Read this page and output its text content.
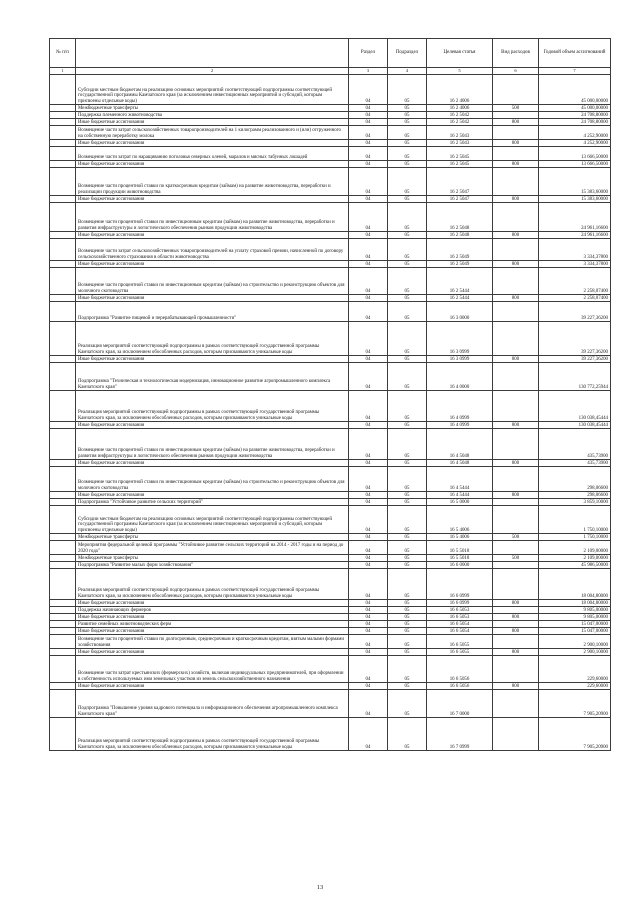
№ п/п		Раздел	Подраздел	Целевая статья	Вид расходов	Годовой объем ассигнований
1	2	3	4	5	6	7
	Субсидии местным бюджетам на реализацию основных мероприятий соответствующей подпрограммы соответствующей государственной программы Камчатского края (за исключением инвестиционных мероприятий и субсидий, которым присвоены отдельные коды)	04	05	16 2 4006		45 000,00000
	Межбюджетные трансферты	04	05	16 2 4006	500	45 000,00000
	Поддержка племенного животноводства	04	05	16 2 5042		24 708,80000
	Иные бюджетные ассигнования	04	05	16 2 5042	800	24 708,80000
	Возмещение части затрат сельскохозяйственных товаропроизводителей на 1 килограмм реализованного и (или) отгруженного на собственную переработку молока	04	05	16 2 5043		4 252,90000
	Иные бюджетные ассигнования	04	05	16 2 5043	800	4 252,90000
	Возмещение части затрат по наращиванию поголовья северных оленей, маралов и мясных табунных лошадей	04	05	16 2 5045		13 666,50000
	Иные бюджетные ассигнования	04	05	16 2 5045	800	13 666,50000
	Возмещение части процентной ставки по краткосрочным кредитам (займам) на развитие животноводства, переработки и реализации продукции животноводства	04	05	16 2 5047		15 383,60000
	Иные бюджетные ассигнования	04	05	16 2 5047	800	15 383,60000
	Возмещение части процентной ставки по инвестиционным кредитам (займам) на развитие животноводства, переработки и развития инфраструктуры и логистического обеспечения рынков продукции животноводства	04	05	16 2 5048		24 961,16600
	Иные бюджетные ассигнования	04	05	16 2 5048	800	24 961,16600
	Возмещение части затрат сельскохозяйственных товаропроизводителей на уплату страховой премии, начисленной по договору сельскохозяйственного страхования в области животноводства	04	05	16 2 5049		3 334,37800
	Иные бюджетные ассигнования	04	05	16 2 5049	800	3 334,37800
	Возмещение части процентной ставки по инвестиционным кредитам (займам) на строительство и реконструкцию объектов для молочного скотоводства	04	05	16 2 5444		2 258,07400
	Иные бюджетные ассигнования	04	05	16 2 5444	800	2 258,07400
	Подпрограмма "Развитие пищевой и перерабатывающей промышленности"	04	05	16 3 0000		39 227,36200
	Реализация мероприятий соответствующей подпрограммы в рамках соответствующей государственной программы Камчатского края, за исключением обособленных расходов, которым присваиваются уникальные коды	04	05	16 3 0999		39 227,36200
	Иные бюджетные ассигнования	04	05	16 3 0999	800	39 227,36200
	Подпрограмма "Техническая и технологическая модернизация, инновационное развитие агропромышленного комплекса Камчатского края"	04	05	16 4 0000		130 772,25944
	Реализация мероприятий соответствующей подпрограммы в рамках соответствующей государственной программы Камчатского края, за исключением обособленных расходов, которым присваиваются уникальные коды	04	05	16 4 0999		130 038,45444
	Иные бюджетные ассигнования	04	05	16 4 0999	800	130 038,45444
	Возмещение части процентной ставки по инвестиционным кредитам (займам) на развитие животноводства, переработки и развития инфраструктуры и логистического обеспечения рынков продукции животноводства	04	05	16 4 5048		435,73900
	Иные бюджетные ассигнования	04	05	16 4 5048	800	435,73900
	Возмещение части процентной ставки по инвестиционным кредитам (займам) на строительство и реконструкцию объектов для молочного скотоводства	04	05	16 4 5444		298,06600
	Иные бюджетные ассигнования	04	05	16 4 5444	800	298,06600
	Подпрограмма "Устойчивое развитие сельских территорий"	04	05	16 5 0000		3 859,10000
	Субсидии местным бюджетам на реализацию основных мероприятий соответствующей подпрограммы соответствующей государственной программы Камчатского края (за исключением инвестиционных мероприятий и субсидий, которым присвоены отдельные коды)	04	05	16 5 4006		1 750,10000
	Межбюджетные трансферты	04	05	16 5 4006	500	1 750,10000
	Мероприятия федеральной целевой программы "Устойчивое развитие сельских территорий на 2014 - 2017 годы и на период до 2020 года"	04	05	16 5 5018		2 109,00000
	Межбюджетные трансферты	04	05	16 5 5018	500	2 109,00000
	Подпрограмма "Развитие малых форм хозяйствования"	04	05	16 6 0000		45 986,50000
	Реализация мероприятий соответствующей подпрограммы в рамках соответствующей государственной программы Камчатского края, за исключением обособленных расходов, которым присваиваются уникальные коды	04	05	16 6 0999		18 004,80000
	Иные бюджетные ассигнования	04	05	16 6 0999	800	18 004,80000
	Поддержка начинающих фермеров	04	05	16 6 5053		9 805,00000
	Иные бюджетные ассигнования	04	05	16 6 5053	800	9 805,00000
	Развитие семейных животноводческих ферм	04	05	16 6 5054		15 047,00000
	Иные бюджетные ассигнования	04	05	16 6 5054	800	15 047,00000
	Возмещение части процентной ставки по долгосрочным, среднесрочным и краткосрочным кредитам, взятым малыми формами хозяйствования	04	05	16 6 5055		2 900,10000
	Иные бюджетные ассигнования	04	05	16 6 5055	800	2 900,10000
	Возмещение части затрат крестьянских (фермерских) хозяйств, включая индивидуальных предпринимателей, при оформлении в собственность используемых ими земельных участков из земель сельскохозяйственного назначения	04	05	16 6 5056		229,60000
	Иные бюджетные ассигнования	04	05	16 6 5056	800	229,60000
	Подпрограмма "Повышение уровня кадрового потенциала и информационного обеспечения агропромышленного комплекса Камчатского края"	04	05	16 7 0000		7 905,20900
	Реализация мероприятий соответствующей подпрограммы в рамках соответствующей государственной программы Камчатского края, за исключением обособленных расходов, которым присваиваются уникальные коды	04	05	16 7 0999		7 905,20900
13
